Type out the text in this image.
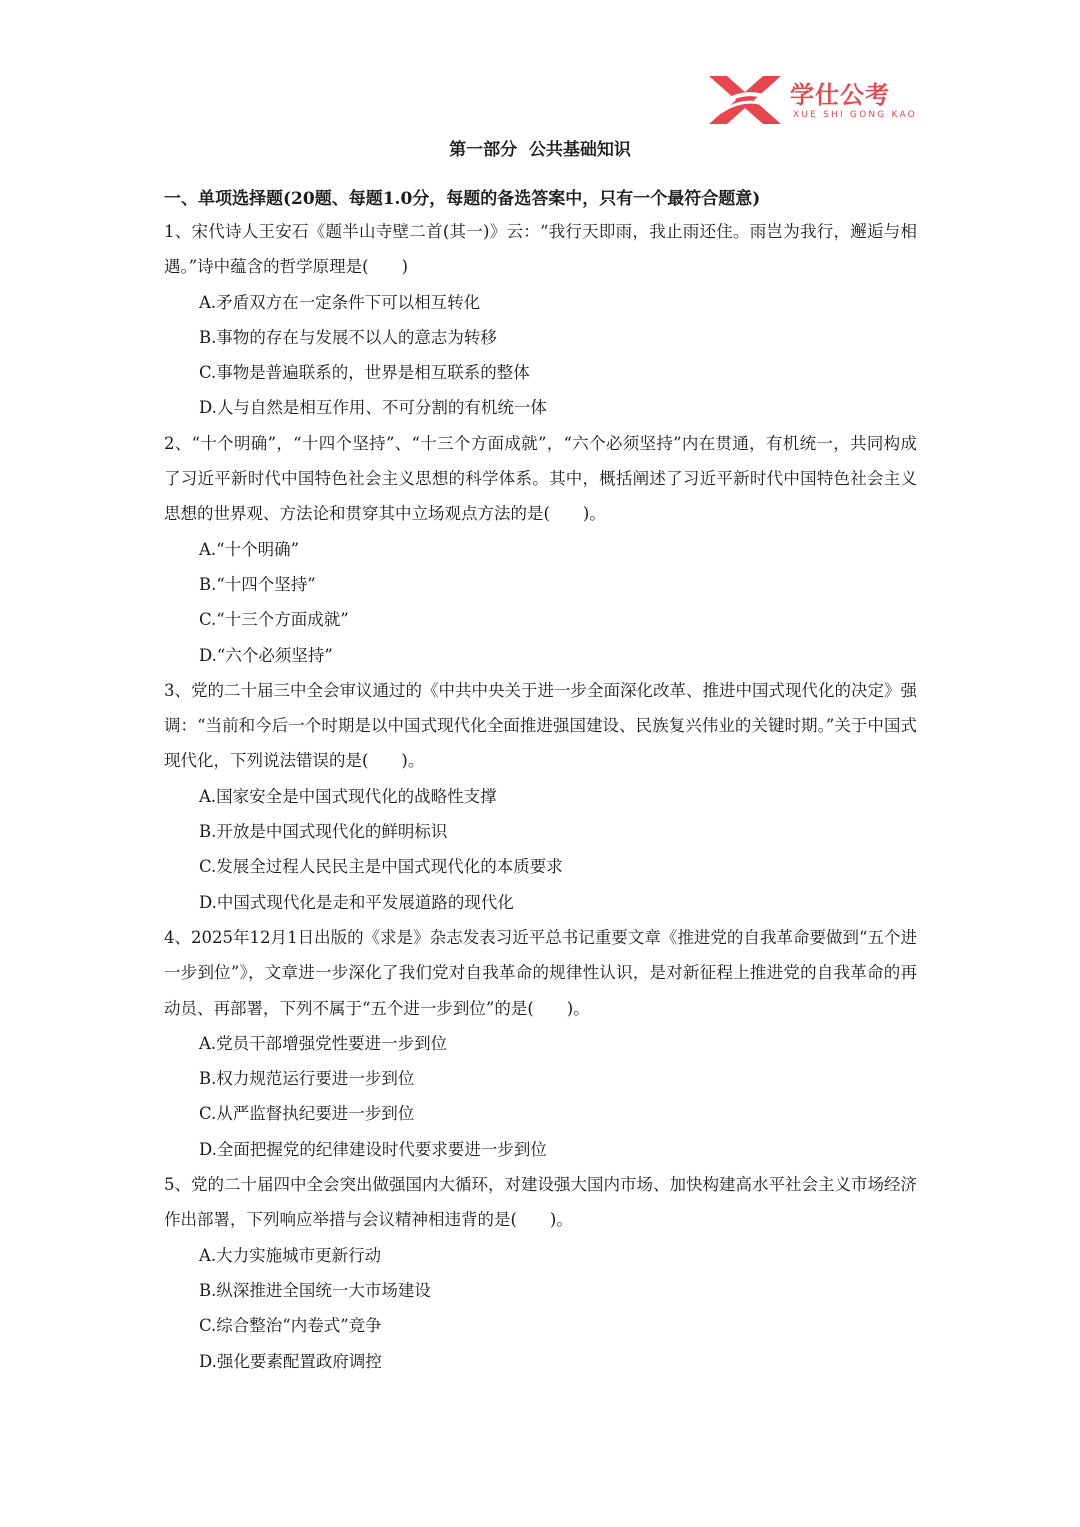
学仕公考
XUE SHI GONG KAO
第一部分  公共基础知识
一、单项选择题(20题、每题1.0分，每题的备选答案中，只有一个最符合题意)
1、宋代诗人王安石《题半山寺壁二首(其一)》云：“我行天即雨，我止雨还住。雨岂为我行，邂逅与相遇。”诗中蕴含的哲学原理是(　　)
A.矛盾双方在一定条件下可以相互转化
B.事物的存在与发展不以人的意志为转移
C.事物是普遍联系的，世界是相互联系的整体
D.人与自然是相互作用、不可分割的有机统一体
2、“十个明确”，“十四个坚持”、“十三个方面成就”，“六个必须坚持”内在贯通，有机统一，共同构成了习近平新时代中国特色社会主义思想的科学体系。其中，概括阐述了习近平新时代中国特色社会主义思想的世界观、方法论和贯穿其中立场观点方法的是(　　)。
A.“十个明确”
B.“十四个坚持”
C.“十三个方面成就”
D.“六个必须坚持”
3、党的二十届三中全会审议通过的《中共中央关于进一步全面深化改革、推进中国式现代化的决定》强调：“当前和今后一个时期是以中国式现代化全面推进强国建设、民族复兴伟业的关键时期。”关于中国式现代化，下列说法错误的是(　　)。
A.国家安全是中国式现代化的战略性支撑
B.开放是中国式现代化的鲜明标识
C.发展全过程人民民主是中国式现代化的本质要求
D.中国式现代化是走和平发展道路的现代化
4、2025年12月1日出版的《求是》杂志发表习近平总书记重要文章《推进党的自我革命要做到“五个进一步到位”》，文章进一步深化了我们党对自我革命的规律性认识，是对新征程上推进党的自我革命的再动员、再部署，下列不属于“五个进一步到位”的是(　　)。
A.党员干部增强党性要进一步到位
B.权力规范运行要进一步到位
C.从严监督执纪要进一步到位
D.全面把握党的纪律建设时代要求要进一步到位
5、党的二十届四中全会突出做强国内大循环，对建设强大国内市场、加快构建高水平社会主义市场经济作出部署，下列响应举措与会议精神相违背的是(　　)。
A.大力实施城市更新行动
B.纵深推进全国统一大市场建设
C.综合整治“内卷式”竞争
D.强化要素配置政府调控
